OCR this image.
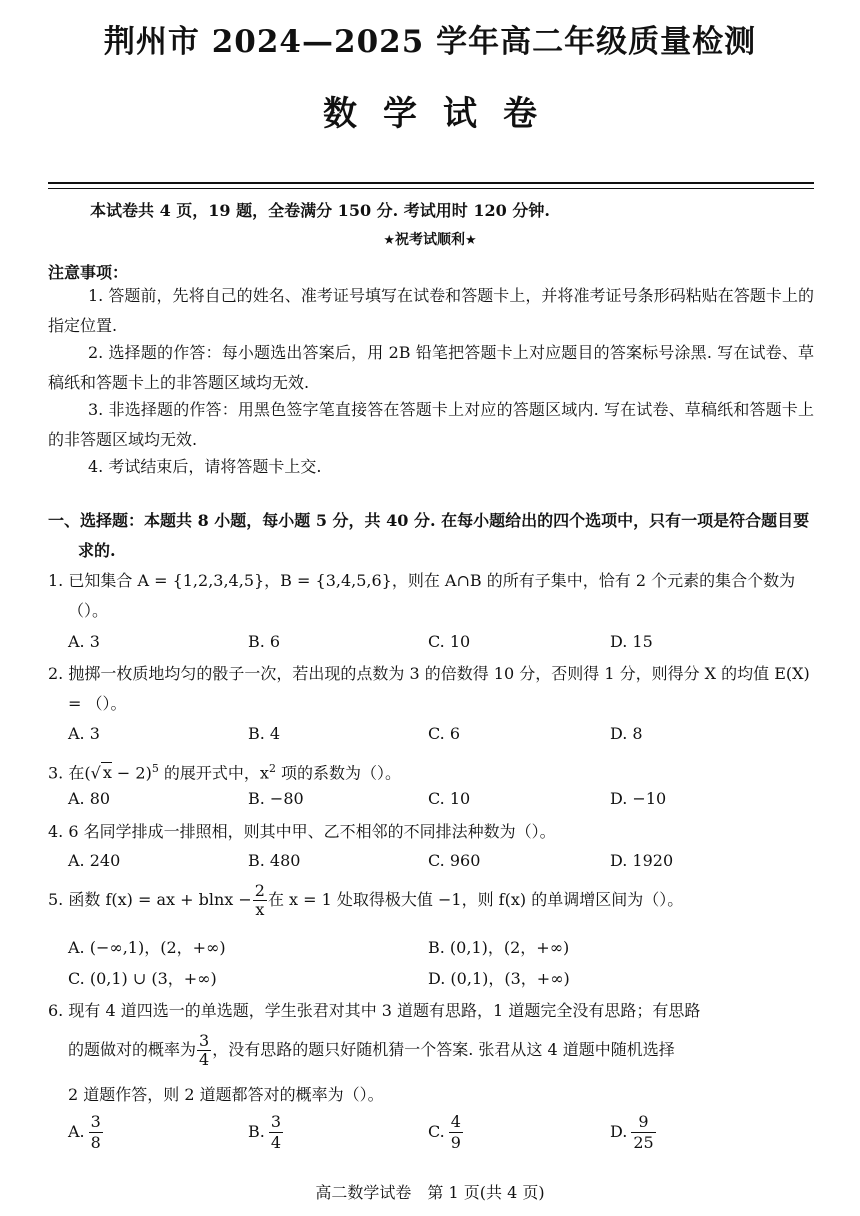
荆州市 2024—2025 学年高二年级质量检测
数学试卷
本试卷共 4 页，19 题，全卷满分 150 分. 考试用时 120 分钟.
★祝考试顺利★
注意事项：
1. 答题前，先将自己的姓名、准考证号填写在试卷和答题卡上，并将准考证号条形码粘贴在答题卡上的指定位置.
2. 选择题的作答：每小题选出答案后，用 2B 铅笔把答题卡上对应题目的答案标号涂黑. 写在试卷、草稿纸和答题卡上的非答题区域均无效.
3. 非选择题的作答：用黑色签字笔直接答在答题卡上对应的答题区域内. 写在试卷、草稿纸和答题卡上的非答题区域均无效.
4. 考试结束后，请将答题卡上交.
一、选择题：本题共 8 小题，每小题 5 分，共 40 分. 在每小题给出的四个选项中，只有一项是符合题目要求的.
1. 已知集合 A = {1,2,3,4,5}，B = {3,4,5,6}，则在 A∩B 的所有子集中，恰有 2 个元素的集合个数为（）。
A. 3	B. 6	C. 10	D. 15
2. 抛掷一枚质地均匀的骰子一次，若出现的点数为 3 的倍数得 10 分，否则得 1 分，则得分 X 的均值 E(X) = （）。
A. 3	B. 4	C. 6	D. 8
3. 在(√ x − 2)$^5$ 的展开式中，$x^2$ 项的系数为（）。
A. 80	B. −80	C. 10	D. −10
4. 6 名同学排成一排照相，则其中甲、乙不相邻的不同排法种数为（）。
A. 240	B. 480	C. 960	D. 1920
5. 函数 f(x) = ax + $blnx - \frac{2}{x}$ 在 x = 1 处取得极大值 −1，则 f(x) 的单调增区间为（）。
A. (−∞,1)，(2，+∞)	B. (0,1)，(2，+∞)
C. (0,1) ∪ (3，+∞)	D. (0,1)，(3，+∞)
6. 现有 4 道四选一的单选题，学生张君对其中 3 道题有思路，1 道题完全没有思路；有思路
的题做对的概率为 $\frac{3}{4}$ ，没有思路的题只好随机猜一个答案. 张君从这 4 道题中随机选择
2 道题作答，则 2 道题都答对的概率为（）。
A. $\frac{3}{8}$	B. $\frac{3}{4}$	C. $\frac{4}{9}$	D. $\frac{9}{25}$
高二数学试卷　第 1 页(共 4 页)
